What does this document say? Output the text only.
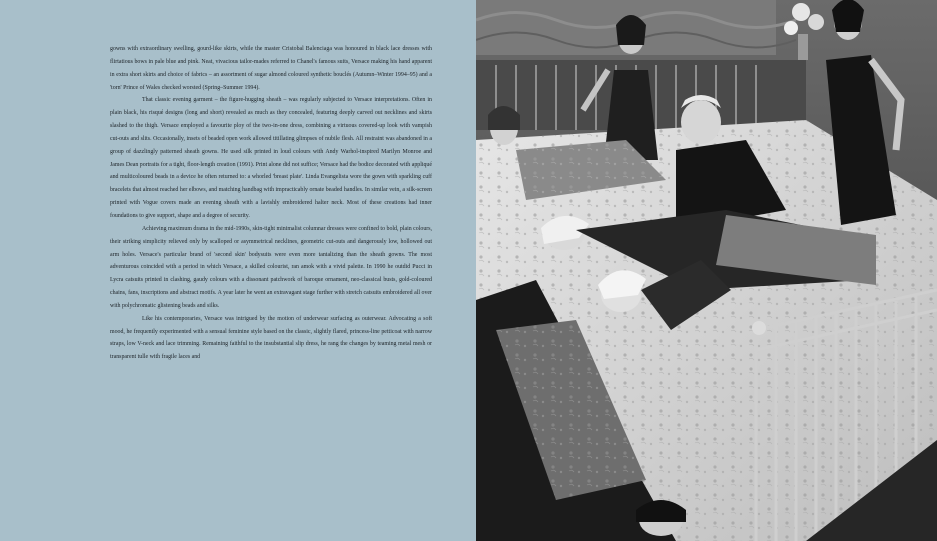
gowns with extraordinary swelling, gourd-like skirts, while the master Cristobal Balenciaga was honoured in black lace dresses with flirtatious bows in pale blue and pink. Neat, vivacious tailor-mades referred to Chanel's famous suits, Versace making his hand apparent in extra short skirts and choice of fabrics – an assortment of sugar almond coloured synthetic bouclés (Autumn–Winter 1994–95) and a 'torn' Prince of Wales checked worsted (Spring–Summer 1994).

That classic evening garment – the figure-hugging sheath – was regularly subjected to Versace interpretations. Often in plain black, his risqué designs (long and short) revealed as much as they concealed, featuring deeply carved out necklines and skirts slashed to the thigh. Versace employed a favourite ploy of the two-in-one dress, combining a virtuous covered-up look with vampish cut-outs and slits. Occasionally, insets of beaded open work allowed titillating glimpses of nubile flesh. All restraint was abandoned in a group of dazzlingly patterned sheath gowns. He used silk printed in loud colours with Andy Warhol-inspired Marilyn Monroe and James Dean portraits for a tight, floor-length creation (1991). Print alone did not suffice; Versace had the bodice decorated with appliqué and multicoloured beads in a device he often returned to: a whorled 'breast plate'. Linda Evangelista wore the gown with sparkling cuff bracelets that almost reached her elbows, and matching handbag with impracticably ornate beaded handles. In similar vein, a silk-screen printed with Vogue covers made an evening sheath with a lavishly embroidered halter neck. Most of these creations had inner foundations to give support, shape and a degree of security.

Achieving maximum drama in the mid-1990s, skin-tight minimalist columnar dresses were confined to bold, plain colours, their striking simplicity relieved only by scalloped or asymmetrical necklines, geometric cut-outs and dangerously low, hollowed out arm holes. Versace's particular brand of 'second skin' bodysuits were even more tantalizing than the sheath gowns. The most adventurous coincided with a period in which Versace, a skilled colourist, ran amok with a vivid palette. In 1990 he outdid Pucci in Lycra catsuits printed in clashing, gaudy colours with a dissonant patchwork of baroque ornament, neo-classical busts, gold-coloured chains, fans, inscriptions and abstract motifs. A year later he went an extravagant stage further with stretch catsuits embroidered all over with polychromatic glistening beads and silks.

Like his contemporaries, Versace was intrigued by the motion of underwear surfacing as outerwear. Advocating a soft mood, he frequently experimented with a sensual feminine style based on the classic, slightly flared, princess-line petticoat with narrow straps, low V-neck and lace trimming. Remaining faithful to the insubstantial slip dress, he rang the changes by teaming metal mesh or transparent tulle with fragile laces and
